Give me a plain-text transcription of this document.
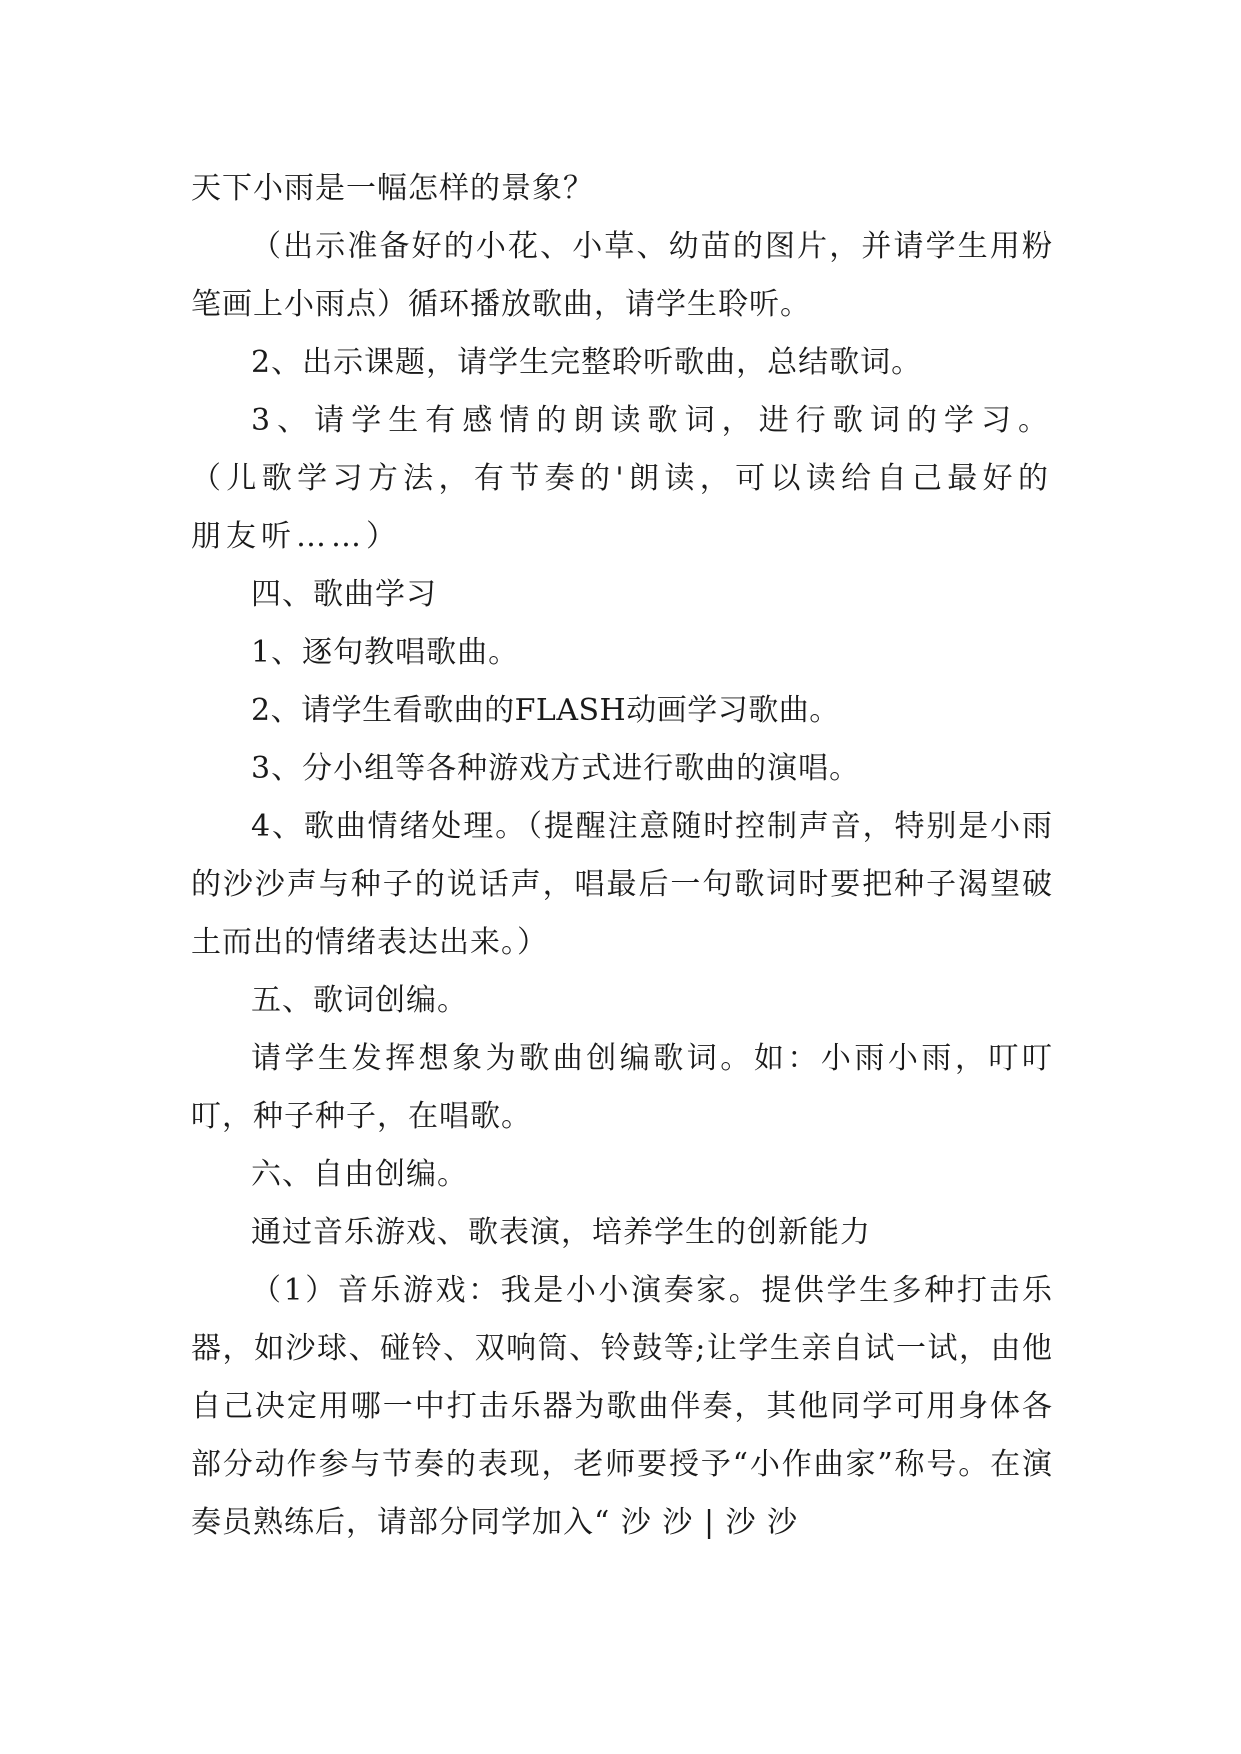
天下小雨是一幅怎样的景象？

（出示准备好的小花、小草、幼苗的图片，并请学生用粉笔画上小雨点）循环播放歌曲，请学生聆听。

2、出示课题，请学生完整聆听歌曲，总结歌词。

3、请学生有感情的朗读歌词，进行歌词的学习。（儿歌学习方法，有节奏的'朗读，可以读给自己最好的朋友听……）

四、歌曲学习

1、逐句教唱歌曲。

2、请学生看歌曲的FLASH动画学习歌曲。

3、分小组等各种游戏方式进行歌曲的演唱。

4、歌曲情绪处理。（提醒注意随时控制声音，特别是小雨的沙沙声与种子的说话声，唱最后一句歌词时要把种子渴望破土而出的情绪表达出来。）

五、歌词创编。

请学生发挥想象为歌曲创编歌词。如：小雨小雨，叮叮叮，种子种子，在唱歌。

六、自由创编。

通过音乐游戏、歌表演，培养学生的创新能力

（1）音乐游戏：我是小小演奏家。提供学生多种打击乐器，如沙球、碰铃、双响筒、铃鼓等;让学生亲自试一试，由他自己决定用哪一中打击乐器为歌曲伴奏，其他同学可用身体各部分动作参与节奏的表现，老师要授予“小作曲家”称号。在演奏员熟练后，请部分同学加入“ 沙 沙 | 沙 沙
